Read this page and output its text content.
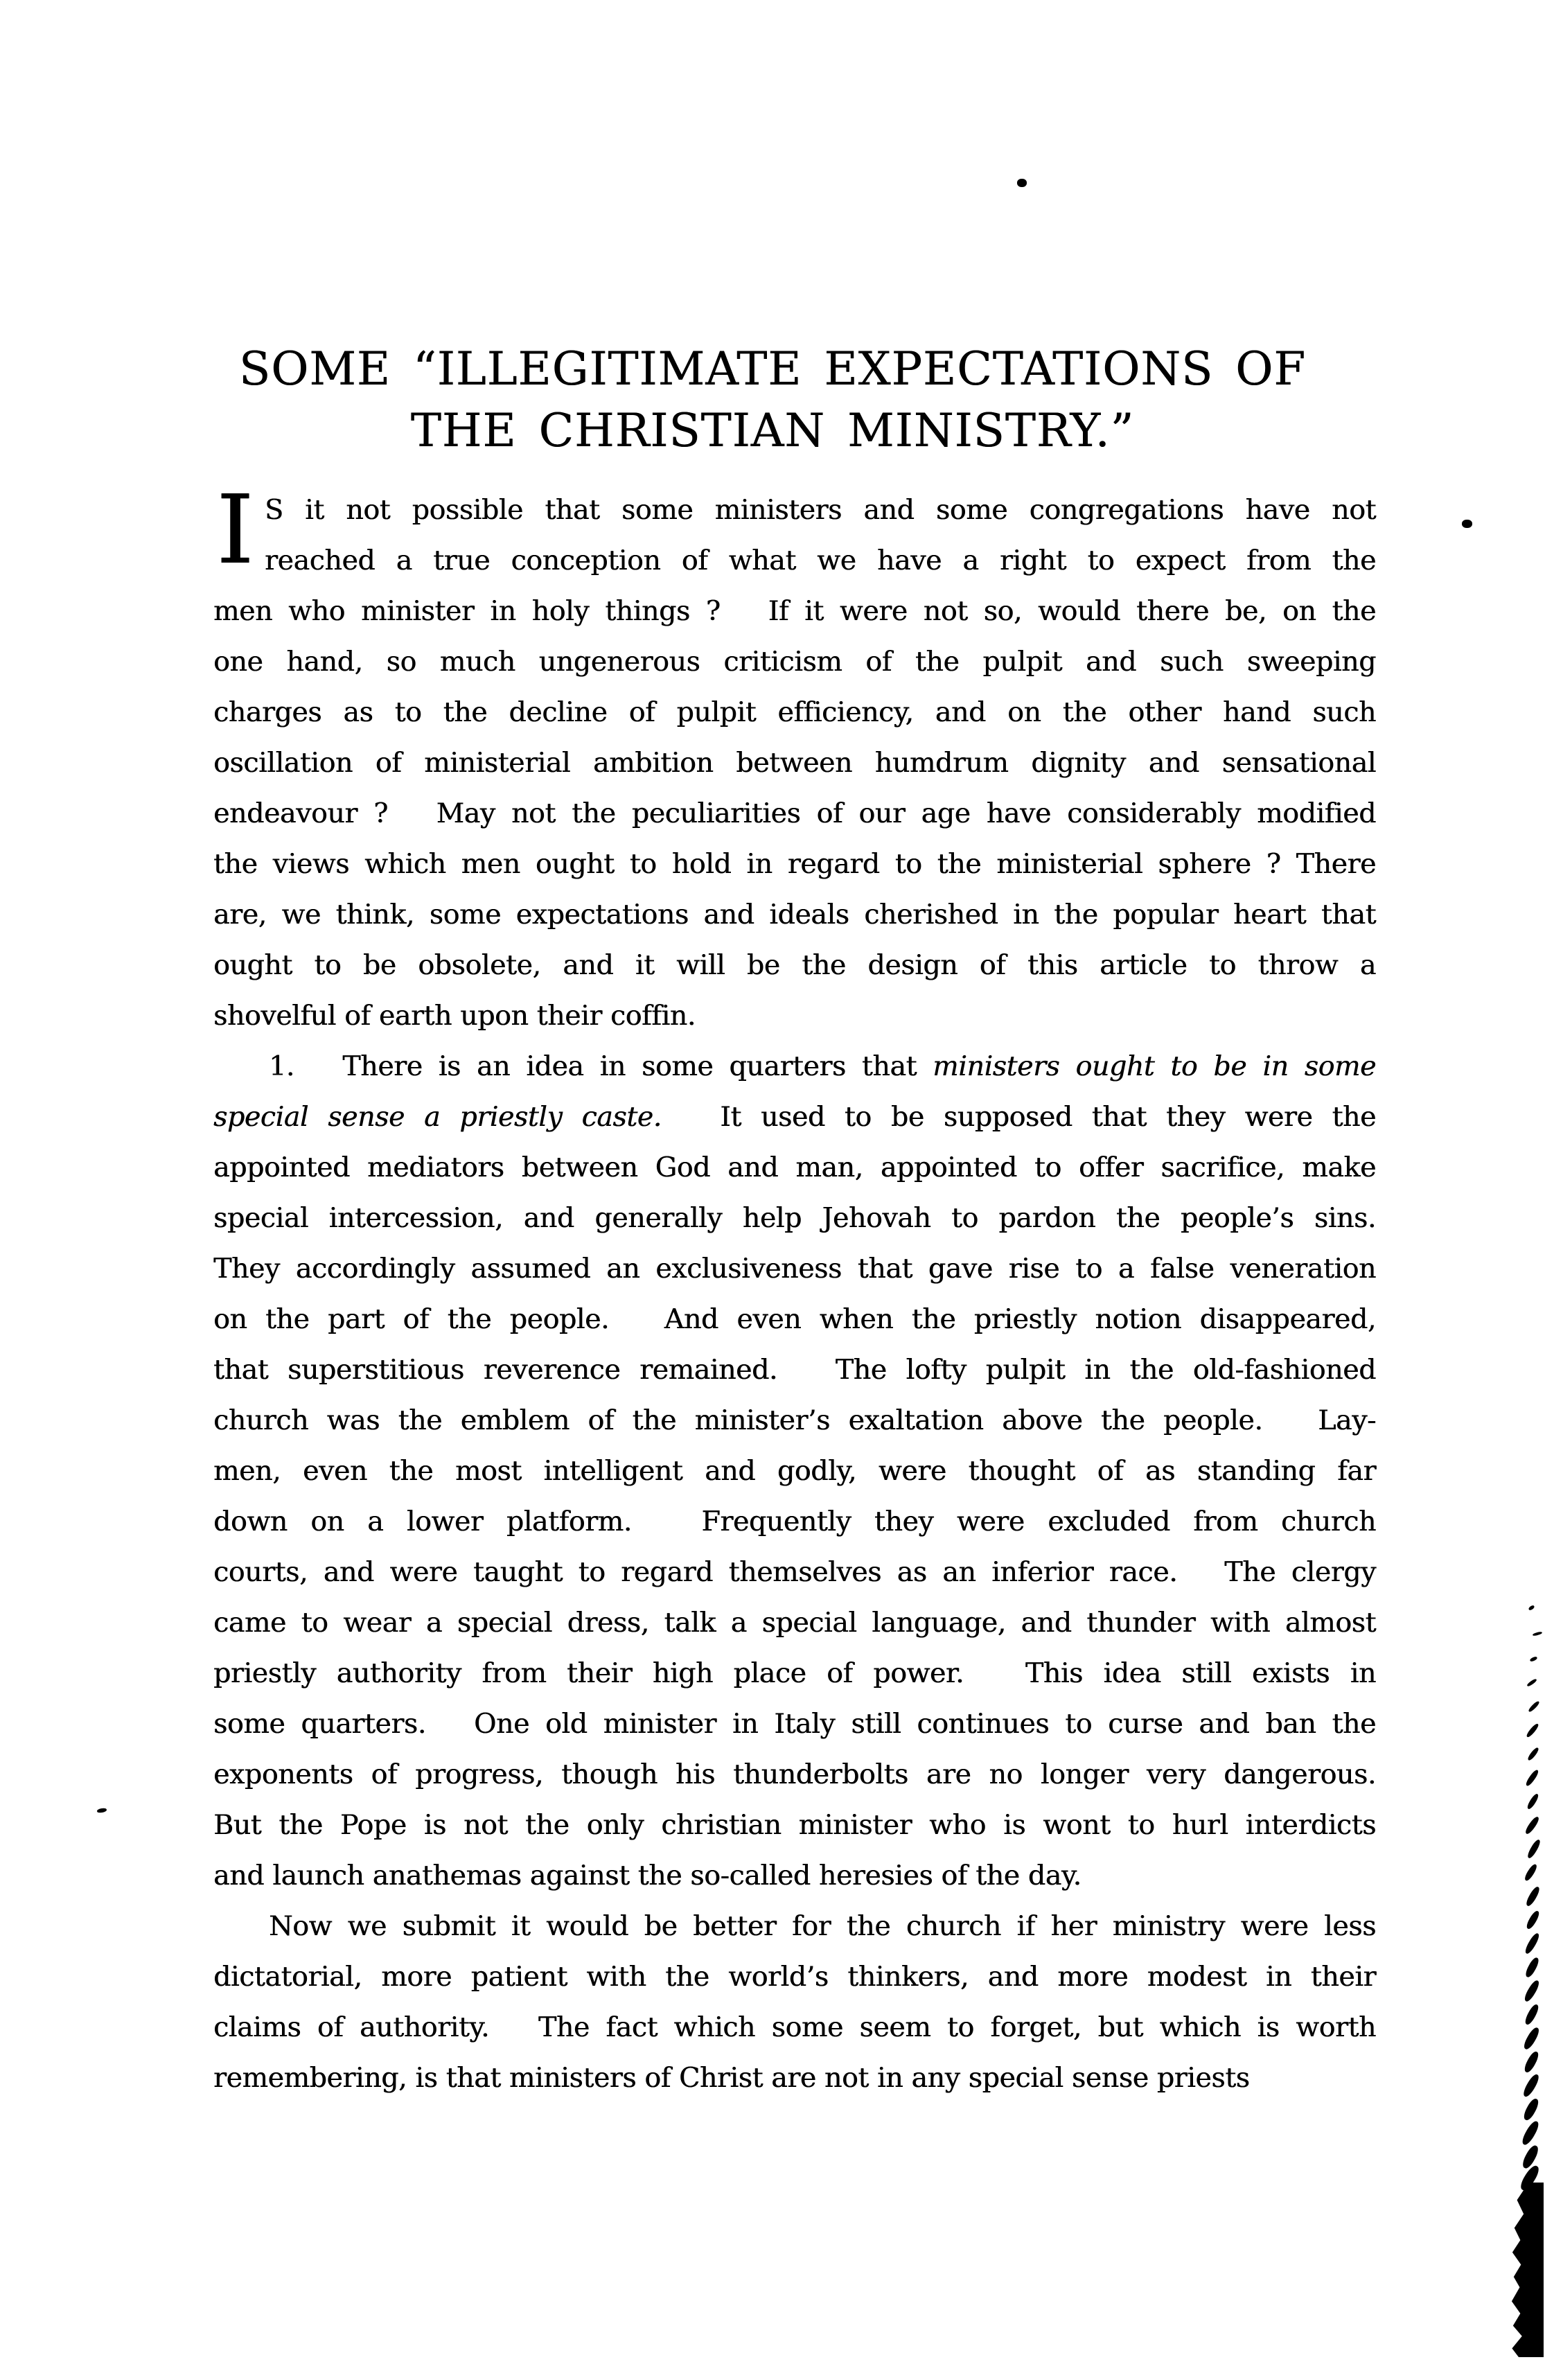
SOME “ILLEGITIMATE EXPECTATIONS OF
THE CHRISTIAN MINISTRY.”
I S it not possible that some ministers and some congregations have not
reached a true conception of what we have a right to expect from the
men who minister in holy things ?   If it were not so, would there be, on the
one hand, so much ungenerous criticism of the pulpit and such sweeping
charges as to the decline of pulpit efficiency, and on the other hand such
oscillation of ministerial ambition between humdrum dignity and sensational
endeavour ?   May not the peculiarities of our age have considerably modified
the views which men ought to hold in regard to the ministerial sphere ? There
are, we think, some expectations and ideals cherished in the popular heart that
ought to be obsolete, and it will be the design of this article to throw a
shovelful of earth upon their coffin.
1.   There is an idea in some quarters that ministers ought to be in some
special sense a priestly caste.   It used to be supposed that they were the
appointed mediators between God and man, appointed to offer sacrifice, make
special intercession, and generally help Jehovah to pardon the people’s sins.
They accordingly assumed an exclusiveness that gave rise to a false veneration
on the part of the people.   And even when the priestly notion disappeared,
that superstitious reverence remained.   The lofty pulpit in the old-fashioned
church was the emblem of the minister’s exaltation above the people.   Lay-
men, even the most intelligent and godly, were thought of as standing far
down on a lower platform.   Frequently they were excluded from church
courts, and were taught to regard themselves as an inferior race.   The clergy
came to wear a special dress, talk a special language, and thunder with almost
priestly authority from their high place of power.   This idea still exists in
some quarters.   One old minister in Italy still continues to curse and ban the
exponents of progress, though his thunderbolts are no longer very dangerous.
But the Pope is not the only christian minister who is wont to hurl interdicts
and launch anathemas against the so-called heresies of the day.
Now we submit it would be better for the church if her ministry were less
dictatorial, more patient with the world’s thinkers, and more modest in their
claims of authority.   The fact which some seem to forget, but which is worth
remembering, is that ministers of Christ are not in any special sense priests
